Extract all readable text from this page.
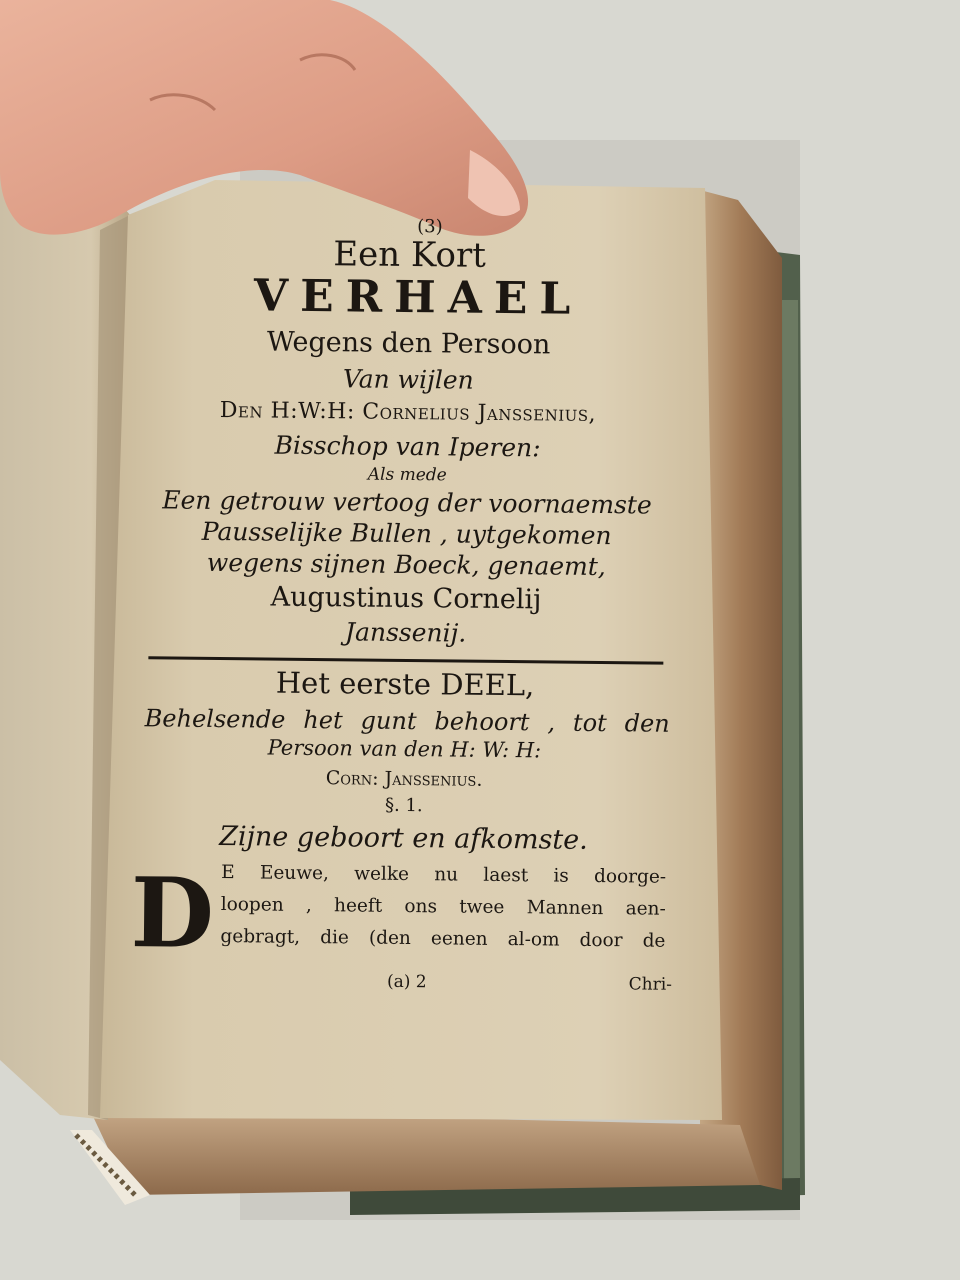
(3)
Een Kort
VERHAEL
Wegens den Persoon
Van wijlen
Den H:W:H: Cornelius Janssenius,
Bisschop van Iperen:
Als mede
Een getrouw vertoog der voornaemste
Pausselijke Bullen , uytgekomen
wegens sijnen Boeck, genaemt,
Augustinus Cornelij
Janssenij.
Het eerste DEEL,
Behelsende het gunt behoort , tot den
Persoon van den H: W: H:
Corn: Janssenius.
§. 1.
Zijne geboort en afkomste.
D E Eeuwe, welke nu laest is doorge-
loopen , heeft ons twee Mannen aen-
gebragt, die (den eenen al-om door de
(a) 2	Chri-
